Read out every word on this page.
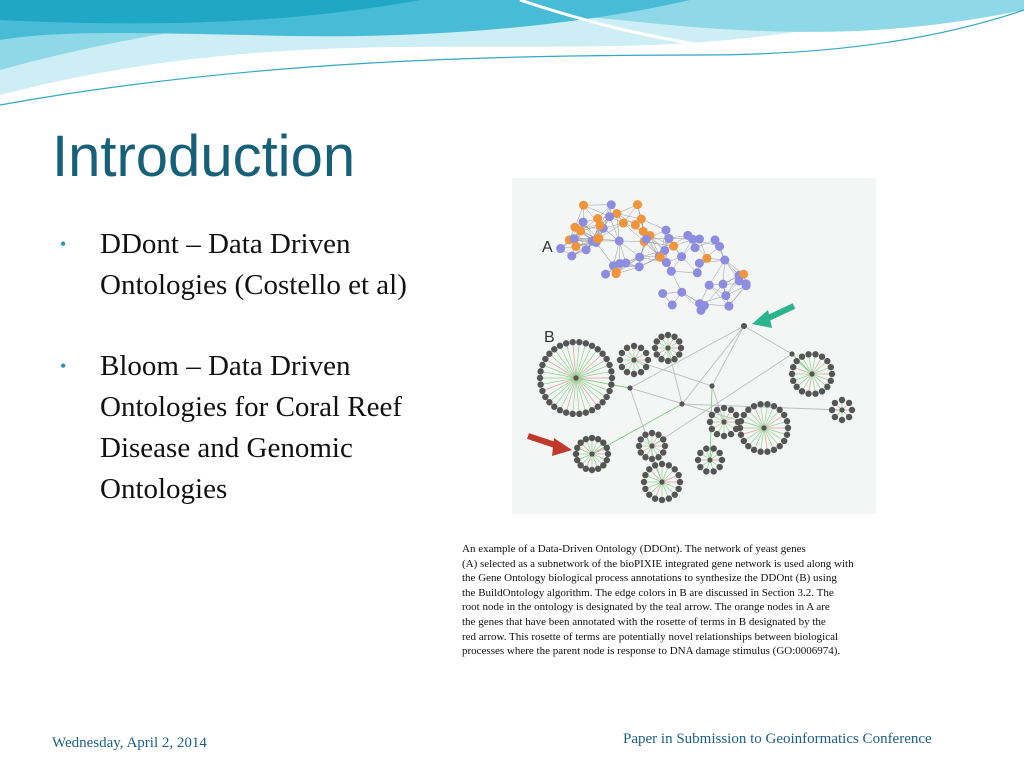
Introduction
• DDont – Data Driven Ontologies (Costello et al)
• Bloom – Data Driven Ontologies for Coral Reef Disease and Genomic Ontologies
A
B

An example of a Data-Driven Ontology (DDOnt). The network of yeast genes
(A) selected as a subnetwork of the bioPIXIE integrated gene network is used along with
the Gene Ontology biological process annotations to synthesize the DDOnt (B) using
the BuildOntology algorithm. The edge colors in B are discussed in Section 3.2. The
root node in the ontology is designated by the teal arrow. The orange nodes in A are
the genes that have been annotated with the rosette of terms in B designated by the
red arrow. This rosette of terms are potentially novel relationships between biological
processes where the parent node is response to DNA damage stimulus (GO:0006974).

Wednesday, April 2, 2014	Paper in Submission to Geoinformatics Conference
